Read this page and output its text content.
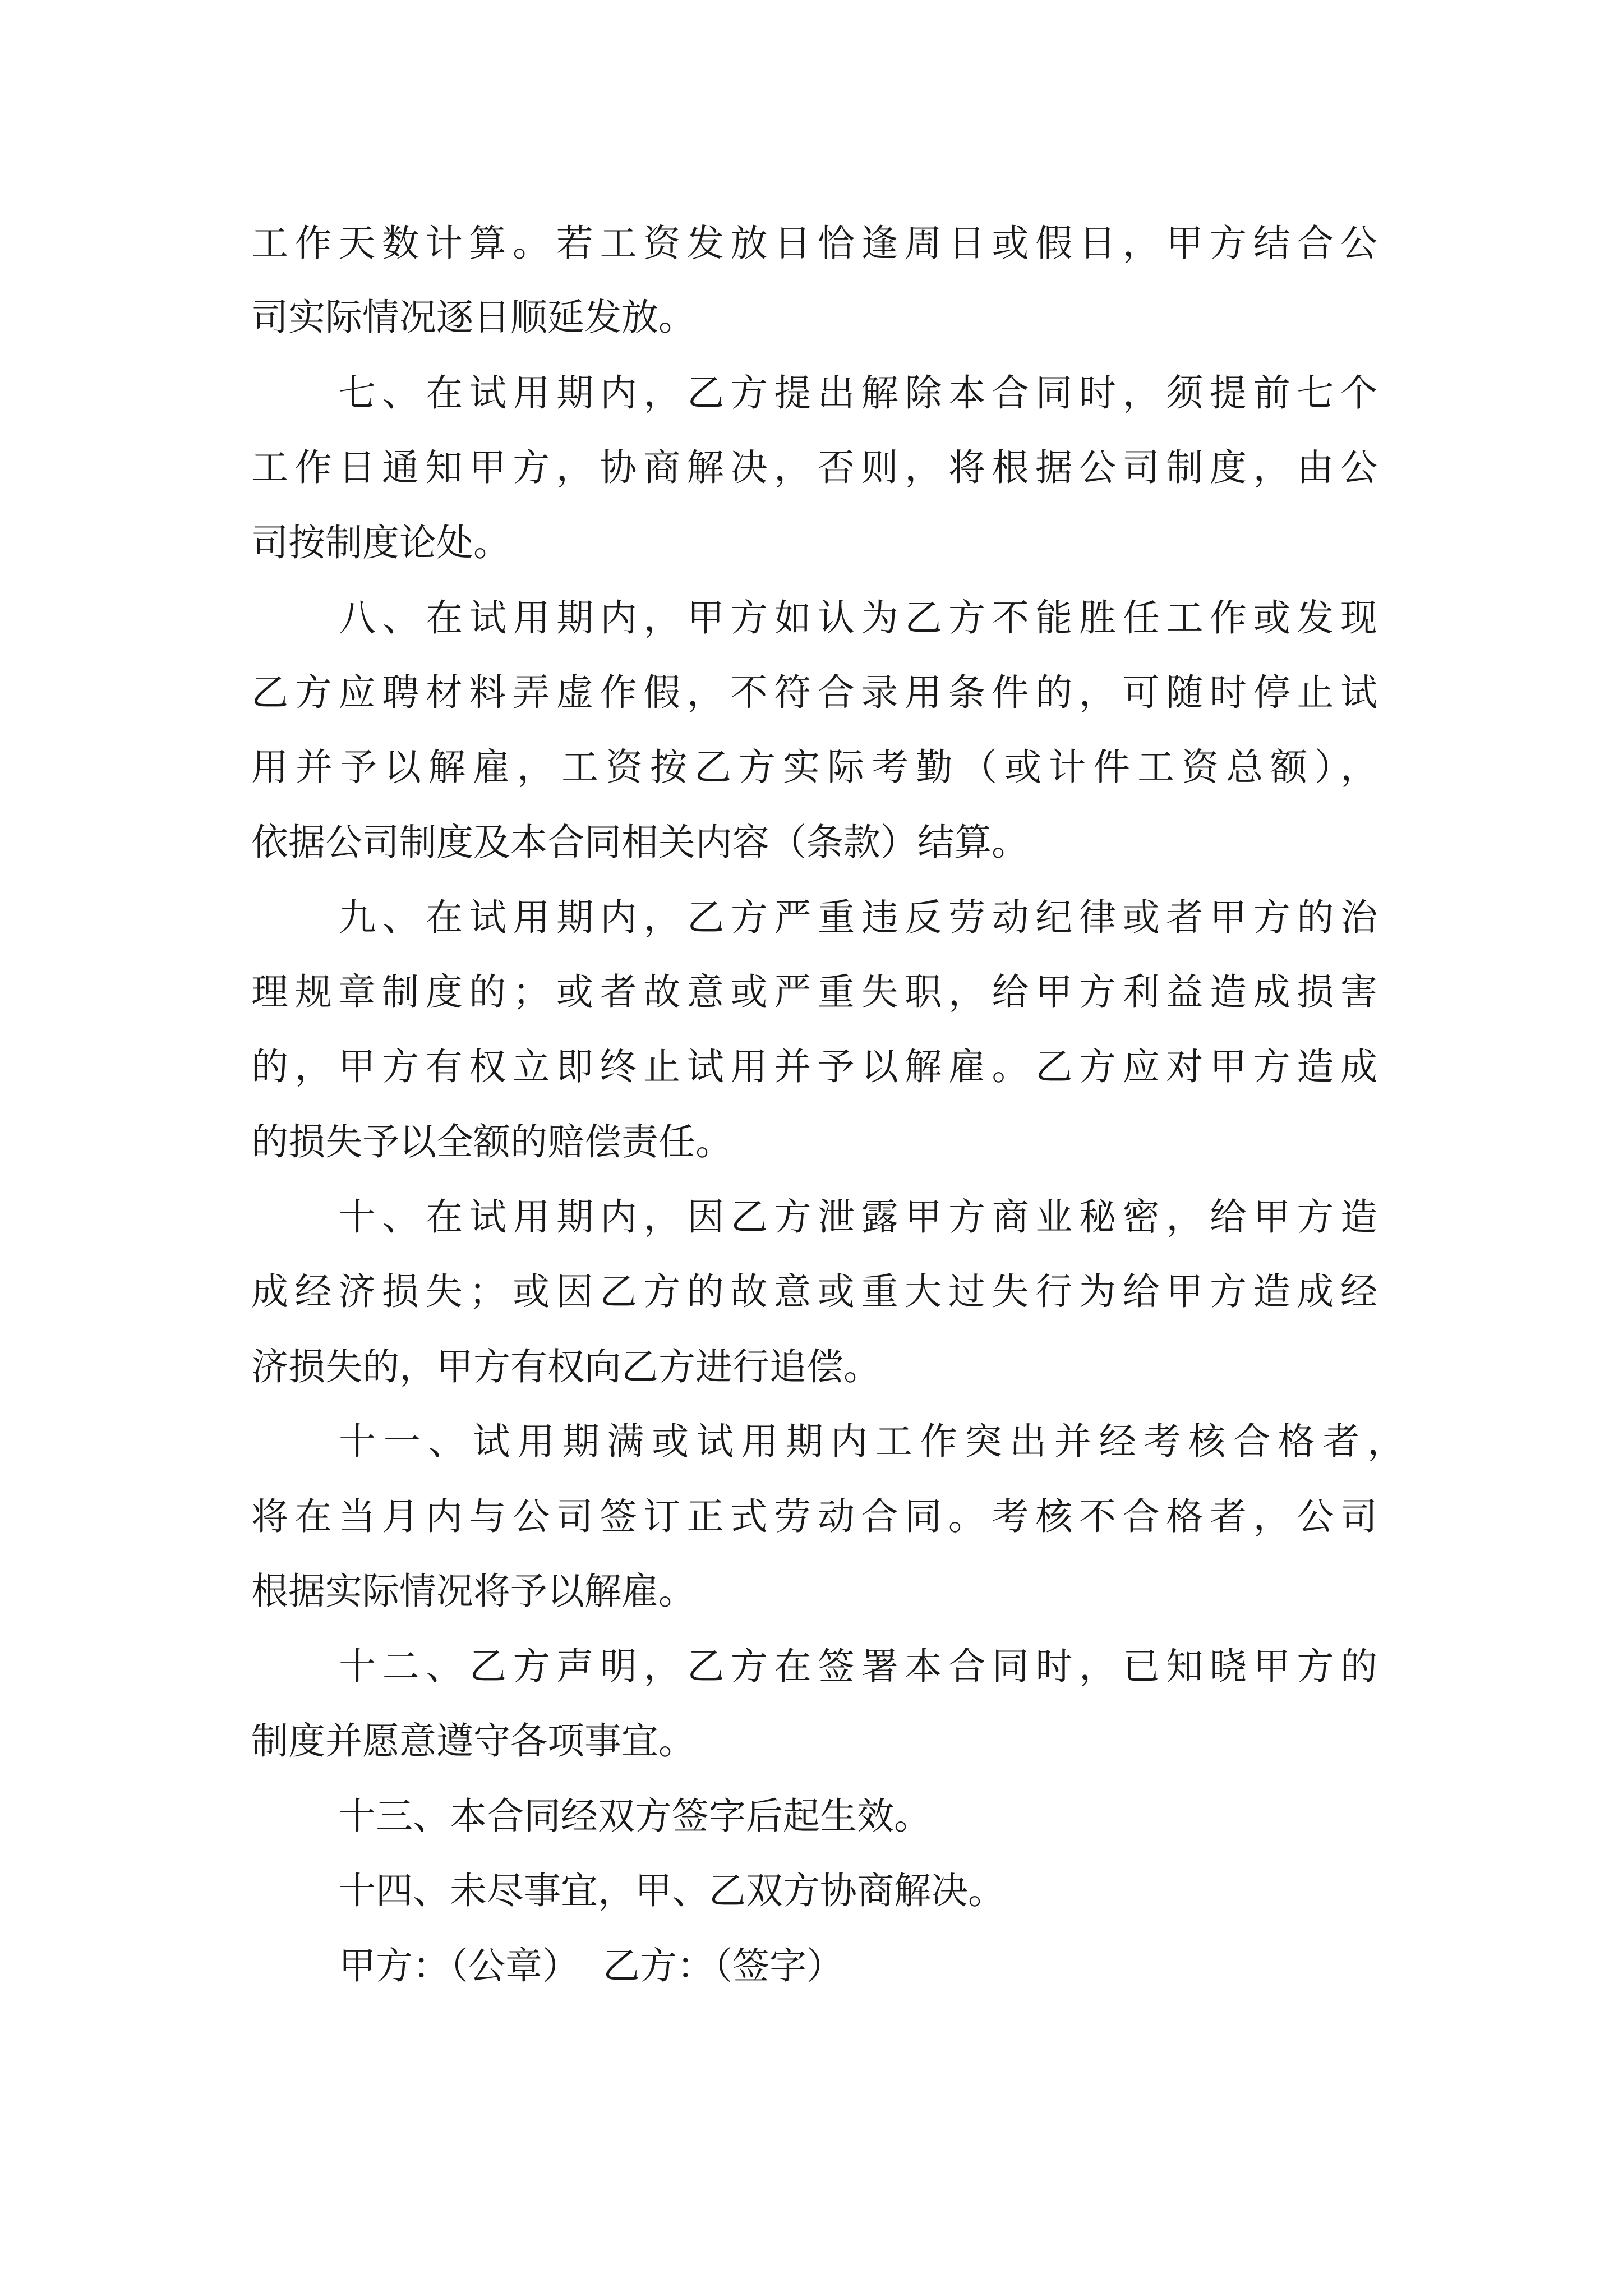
工作天数计算。若工资发放日恰逢周日或假日，甲方结合公

司实际情况逐日顺延发放。

七、在试用期内，乙方提出解除本合同时，须提前七个

工作日通知甲方，协商解决，否则，将根据公司制度，由公

司按制度论处。

八、在试用期内，甲方如认为乙方不能胜任工作或发现

乙方应聘材料弄虚作假，不符合录用条件的，可随时停止试

用并予以解雇，工资按乙方实际考勤（或计件工资总额），

依据公司制度及本合同相关内容（条款）结算。

九、在试用期内，乙方严重违反劳动纪律或者甲方的治

理规章制度的；或者故意或严重失职，给甲方利益造成损害

的，甲方有权立即终止试用并予以解雇。乙方应对甲方造成

的损失予以全额的赔偿责任。

十、在试用期内，因乙方泄露甲方商业秘密，给甲方造

成经济损失；或因乙方的故意或重大过失行为给甲方造成经

济损失的，甲方有权向乙方进行追偿。

十一、试用期满或试用期内工作突出并经考核合格者，

将在当月内与公司签订正式劳动合同。考核不合格者，公司

根据实际情况将予以解雇。

十二、乙方声明，乙方在签署本合同时，已知晓甲方的

制度并愿意遵守各项事宜。

十三、本合同经双方签字后起生效。

十四、未尽事宜，甲、乙双方协商解决。

甲方：（公章）  乙方：（签字）
